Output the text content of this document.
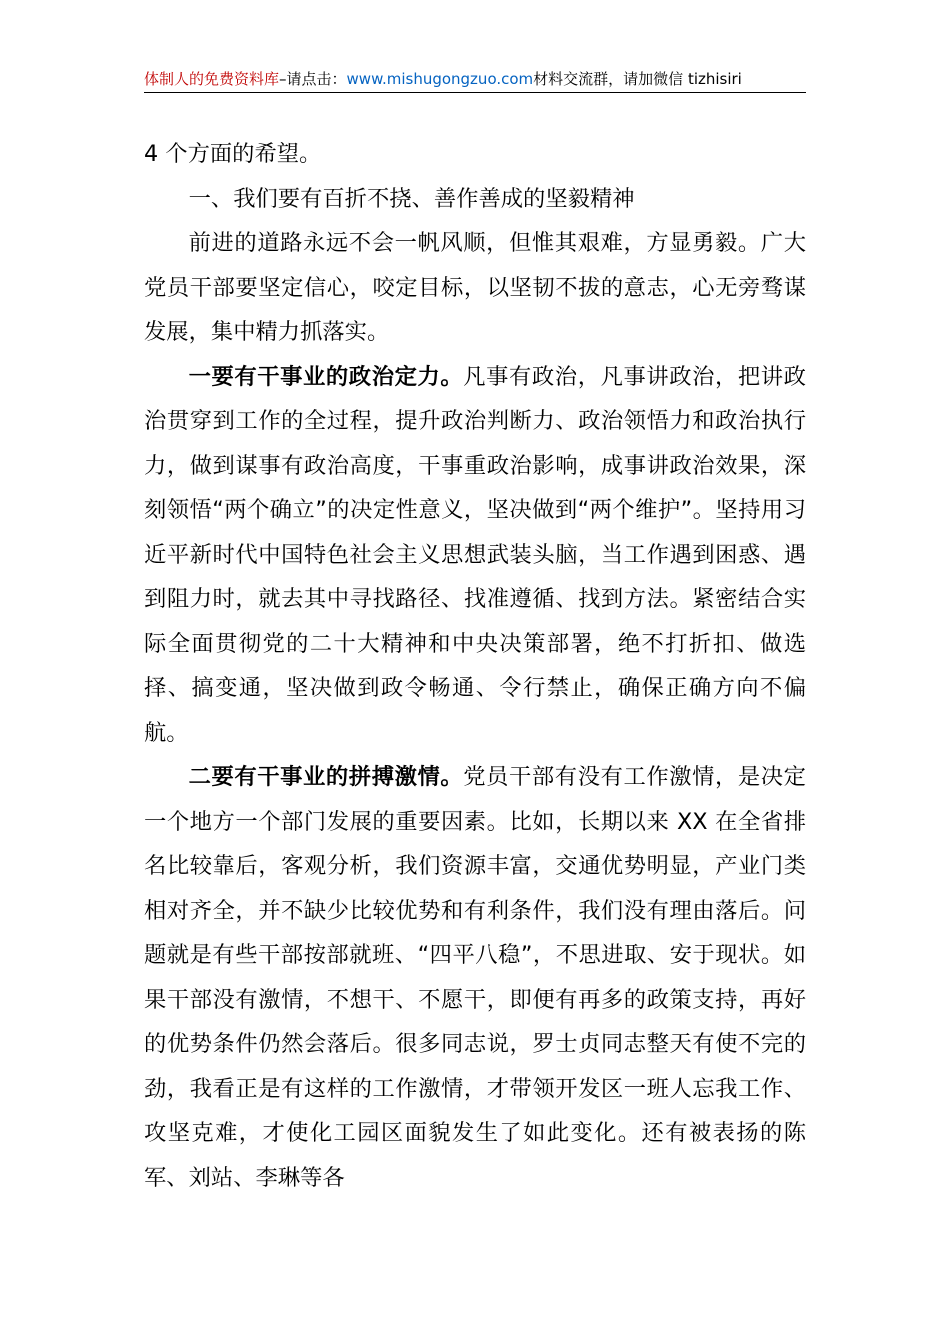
体制人的免费资料库–请点击：www.mishugongzuo.com材料交流群，请加微信 tizhisiri

4 个方面的希望。

一、我们要有百折不挠、善作善成的坚毅精神

前进的道路永远不会一帆风顺，但惟其艰难，方显勇毅。广大党员干部要坚定信心，咬定目标，以坚韧不拔的意志，心无旁骛谋发展，集中精力抓落实。

一要有干事业的政治定力。凡事有政治，凡事讲政治，把讲政治贯穿到工作的全过程，提升政治判断力、政治领悟力和政治执行力，做到谋事有政治高度，干事重政治影响，成事讲政治效果，深刻领悟“两个确立”的决定性意义，坚决做到“两个维护”。坚持用习近平新时代中国特色社会主义思想武装头脑，当工作遇到困惑、遇到阻力时，就去其中寻找路径、找准遵循、找到方法。紧密结合实际全面贯彻党的二十大精神和中央决策部署，绝不打折扣、做选择、搞变通，坚决做到政令畅通、令行禁止，确保正确方向不偏航。

二要有干事业的拼搏激情。党员干部有没有工作激情，是决定一个地方一个部门发展的重要因素。比如，长期以来 XX 在全省排名比较靠后，客观分析，我们资源丰富，交通优势明显，产业门类相对齐全，并不缺少比较优势和有利条件，我们没有理由落后。问题就是有些干部按部就班、“四平八稳”，不思进取、安于现状。如果干部没有激情，不想干、不愿干，即便有再多的政策支持，再好的优势条件仍然会落后。很多同志说，罗士贞同志整天有使不完的劲，我看正是有这样的工作激情，才带领开发区一班人忘我工作、攻坚克难，才使化工园区面貌发生了如此变化。还有被表扬的陈军、刘站、李琳等各
